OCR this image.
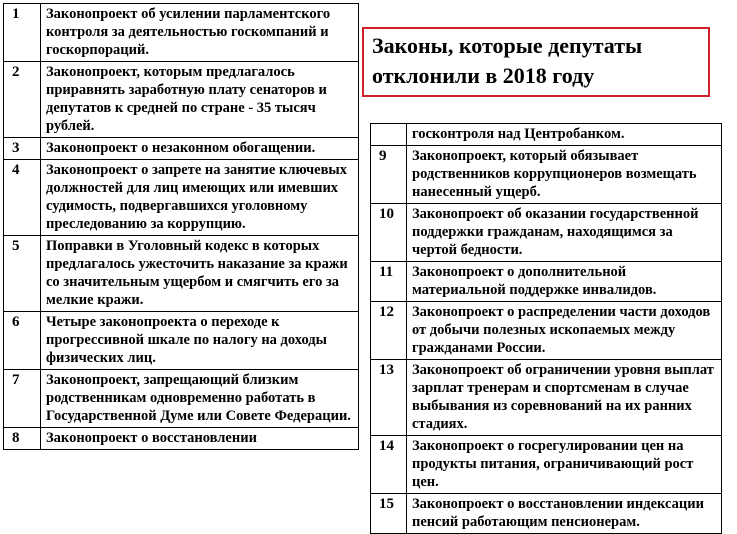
1	Законопроект об усилении парламентского контроля за деятельностью госкомпаний и госкорпораций.
2	Законопроект, которым предлагалось приравнять заработную плату сенаторов и депутатов к средней по стране - 35 тысяч рублей.
3	Законопроект о незаконном обогащении.
4	Законопроект о запрете на занятие ключевых должностей для лиц имеющих или имевших судимость, подвергавшихся уголовному преследованию за коррупцию.
5	Поправки в Уголовный кодекс в которых предлагалось ужесточить наказание за кражи со значительным ущербом и смягчить его за мелкие кражи.
6	Четыре законопроекта о переходе к прогрессивной шкале по налогу на доходы физических лиц.
7	Законопроект, запрещающий близким родственникам одновременно работать в Государственной Думе или Совете Федерации.
8	Законопроект о восстановлении
Законы, которые депутаты отклонили в 2018 году
	госконтроля над Центробанком.
9	Законопроект, который обязывает родственников коррупционеров возмещать нанесенный ущерб.
10	Законопроект об оказании государственной поддержки гражданам, находящимся за чертой бедности.
11	Законопроект о дополнительной материальной поддержке инвалидов.
12	Законопроект о распределении части доходов от добычи полезных ископаемых между гражданами России.
13	Законопроект об ограничении уровня выплат зарплат тренерам и спортсменам в случае выбывания из соревнований на их ранних стадиях.
14	Законопроект о госрегулировании цен на продукты питания, ограничивающий рост цен.
15	Законопроект о восстановлении индексации пенсий работающим пенсионерам.
